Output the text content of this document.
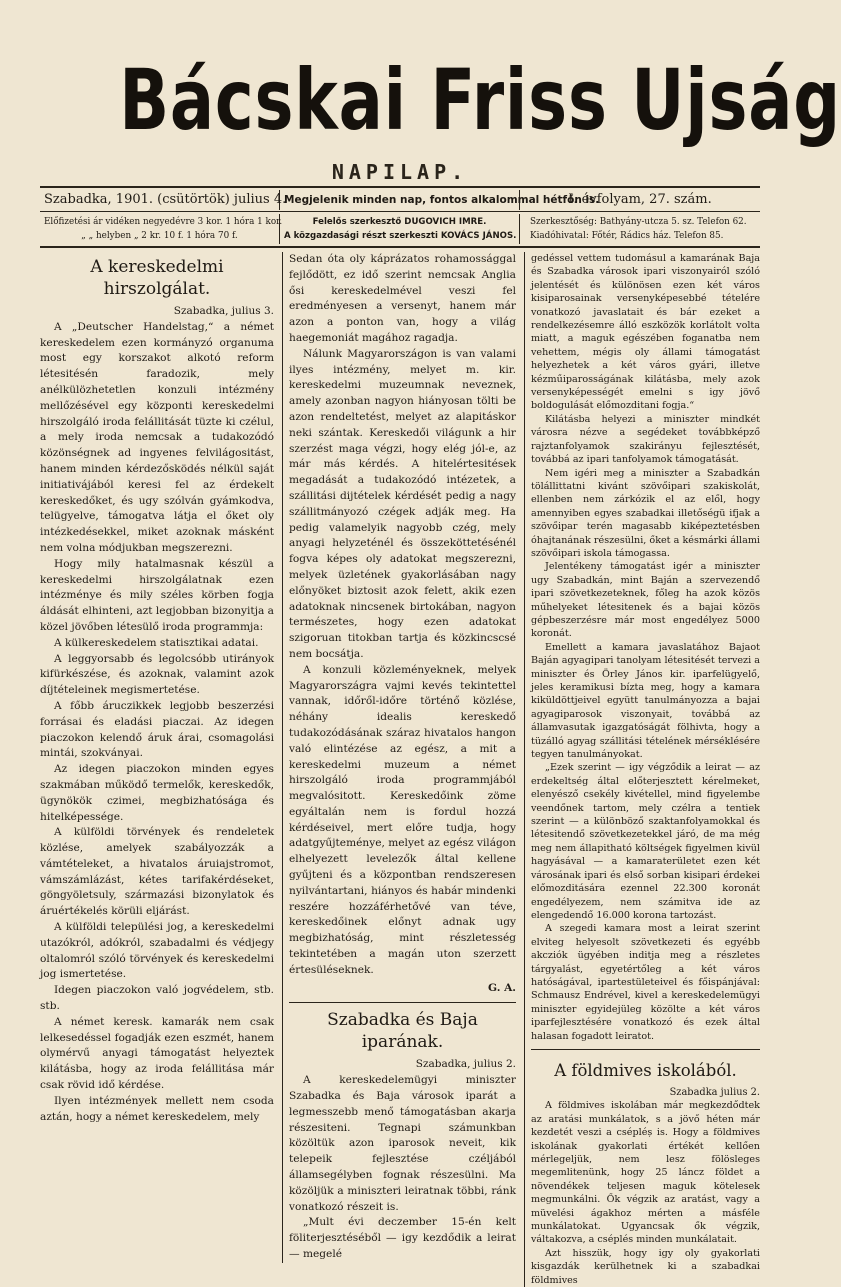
Bácskai Friss Ujság
NAPILAP.
Szabadka, 1901. (csütörtök) julius 4.
Megjelenik minden nap, fontos alkalommal hétfőn is.
I. évfolyam, 27. szám.
Előfizetési ár vidéken negyedévre 3 kor. 1 hóra 1 kor.
„ „ helyben „ 2 kr. 10 f. 1 hóra 70 f.
Felelős szerkesztő DUGOVICH IMRE.
A közgazdasági részt szerkeszti KOVÁCS JÁNOS.
Szerkesztőség: Bathyány-utcza 5. sz. Telefon 62.
Kiadóhivatal: Főtér, Rádics ház. Telefon 85.
A kereskedelmi hirszolgálat.
Szabadka, julius 3.

A „Deutscher Handelstag,“ a német kereskedelem ezen kormányzó organuma most egy korszakot alkotó reform létesitésén faradozik, mely anélkülözhetetlen konzuli intézmény mellőzésével egy központi kereskedelmi hirszolgáló iroda felállitását tüzte ki czélul, a mely iroda nemcsak a tudakozódó közönségnek ad ingyenes felvilágositást, hanem minden kérdezősködés nélkül saját initiativájából keresi fel az érdekelt kereskedőket, és ugy szólván gyámkodva, telügyelve, támogatva látja el őket oly intézkedésekkel, miket azoknak másként nem volna módjukban megszerezni.

Hogy mily hatalmasnak készül a kereskedelmi hirszolgálatnak ezen intézménye és mily széles körben fogja áldását elhinteni, azt legjobban bizonyitja a közel jövőben létesülő iroda programmja:

A külkereskedelem statisztikai adatai.

A leggyorsabb és legolcsóbb utirányok kifürkészése, és azoknak, valamint azok díjtételeinek megismertetése.

A főbb áruczikkek legjobb beszerzési forrásai és eladási piaczai. Az idegen piaczokon kelendő áruk árai, csomagolási mintái, szokványai.

Az idegen piaczokon minden egyes szakmában működő termelők, kereskedők, ügynökök czimei, megbizhatósága és hitelképessége.

A külföldi törvények és rendeletek közlése, amelyek szabályozzák a vámtételeket, a hivatalos áruiajstromot, vámszámlázást, kétes tarifakérdéseket, göngyöletsuly, származási bizonylatok és áruértékelés körüli eljárást.

A külföldi települési jog, a kereskedelmi utazókról, adókról, szabadalmi és védjegy oltalomról szóló törvények és kereskedelmi jog ismertetése.

Idegen piaczokon való jogvédelem, stb. stb.

A német keresk. kamarák nem csak lelkesedéssel fogadják ezen eszmét, hanem olymérvű anyagi támogatást helyeztek kilátásba, hogy az iroda felállitása már csak rövid idő kérdése.

Ilyen intézmények mellett nem csoda aztán, hogy a német kereskedelem, mely

Sedan óta oly káprázatos rohamossággal fejlődött, ez idő szerint nemcsak Anglia ősi kereskedelmével veszi fel eredményesen a versenyt, hanem már azon a ponton van, hogy a világ haegemoniát magához ragadja.

Nálunk Magyarországon is van valami ilyes intézmény, melyet m. kir. kereskedelmi muzeumnak neveznek, amely azonban nagyon hiányosan tölti be azon rendeltetést, melyet az alapitáskor neki szántak. Kereskedői világunk a hir szerzést maga végzi, hogy elég jól-e, az már más kérdés. A hitelértesitések megadását a tudakozódó intézetek, a szállitási dijtételek kérdését pedig a nagy szállitmányozó czégek adják meg. Ha pedig valamelyik nagyobb czég, mely anyagi helyzeténél és összeköttetésénél fogva képes oly adatokat megszerezni, melyek üzletének gyakorlásában nagy előnyöket biztosit azok felett, akik ezen adatoknak nincsenek birtokában, nagyon természetes, hogy ezen adatokat szigoruan titokban tartja és közkincscsé nem bocsátja.

A konzuli közleményeknek, melyek Magyarországra vajmi kevés tekintettel vannak, időről-időre történő közlése, néhány idealis kereskedő tudakozódásának száraz hivatalos hangon való elintézése az egész, a mit a kereskedelmi muzeum a német hirszolgáló iroda programmjából megvalósitott. Kereskedőink zöme egyáltalán nem is fordul hozzá kérdéseivel, mert előre tudja, hogy adatgyűjteménye, melyet az egész világon elhelyezett levelezők által kellene gyűjteni és a központban rendszeresen nyilvántartani, hiányos és habár mindenki reszére hozzáférhetővé van téve, kereskedőinek előnyt adnak ugy megbizhatóság, mint részletesség tekintetében a magán uton szerzett értesüléseknek.

G. A.
Szabadka és Baja iparának.
Szabadka, julius 2.

A kereskedelemügyi miniszter Szabadka és Baja városok iparát a legmesszebb menő támogatásban akarja részesiteni. Tegnapi számunkban közöltük azon iparosok neveit, kik telepeik fejlesztése czéljából államsegélyben fognak részesülni. Ma közöljük a miniszteri leiratnak többi, ránk vonatkozó részeit is.

„Mult évi deczember 15-én kelt föliterjesztéséből — igy kezdődik a leirat — megelé

gedéssel vettem tudomásul a kamarának Baja és Szabadka városok ipari viszonyairól szóló jelentését és különösen ezen két város kisiparosainak versenyképesebbé tételére vonatkozó javaslatait és bár ezeket a rendelkezésemre álló eszközök korlátolt volta miatt, a maguk egészében foganatba nem vehettem, mégis oly állami támogatást helyezhetek a két város gyári, illetve kézműiparosságának kilátásba, mely azok versenyképességét emelni s igy jövő boldogulását előmozditani fogja.“

Kilátásba helyezi a miniszter mindkét városra nézve a segédeket továbbképző rajztanfolyamok szakirányu fejlesztését, továbbá az ipari tanfolyamok támogatását.

Nem igéri meg a miniszter a Szabadkán tölállittatni kivánt szövőipari szakiskolát, ellenben nem zárkózik el az elől, hogy amennyiben egyes szabadkai illetőségü ifjak a szövőipar terén magasabb kiképeztetésben óhajtanának részesülni, őket a késmárki állami szövőipari iskola támogassa.

Jelentékeny támogatást igér a miniszter ugy Szabadkán, mint Baján a szervezendő ipari szövetkezeteknek, főleg ha azok közös műhelyeket létesitenek és a bajai közös gépbeszerzésre már most engedélyez 5000 koronát.

Emellett a kamara javaslatához Bajaot Baján agyagipari tanolyam létesitését tervezi a miniszter és Örley János kir. iparfelügyelő, jeles keramikusi bízta meg, hogy a kamara kiküldöttjeivel együtt tanulmányozza a bajai agyagiparosok viszonyait, továbbá az államvasutak igazgatóságát fölhivta, hogy a tüzálló agyag szállitási tételének mérséklésére tegyen tanulmányokat.

„Ezek szerint — igy végződik a leirat — az erdekeltség által előterjesztett kérelmeket, elenyésző csekély kivétellel, mind figyelembe veendőnek tartom, mely czélra a tentiek szerint — a különböző szaktanfolyamokkal és létesitendő szövetkezetekkel járó, de ma még meg nem állapitható költségek figyelmen kivül hagyásával — a kamaraterületet ezen két városának ipari és első sorban kisipari érdekei előmozditására ezennel 22.300 koronát engedélyezem, nem számitva ide az elengedendő 16.000 korona tartozást.

A szegedi kamara most a leirat szerint elviteg helyesolt szövetkezeti és egyébb akcziók ügyében inditja meg a részletes tárgyalást, egyetértőleg a két város hatóságával, ipartestületeivel és főispánjával: Schmausz Endrével, kivel a kereskedelemügyi miniszter egyidejüleg közölte a két város iparfejlesztésére vonatkozó és ezek által halasan fogadott leiratot.

A földmives iskolából.
Szabadka julius 2.

A földmives iskolában már megkezdődtek az aratási munkálatok, s a jövő héten már kezdetét veszi a csépléș is. Hogy a földmives iskolának gyakorlati értékét kellően mérlegeljük, nem lesz fölösleges megemlitenünk, hogy 25 láncz földet a növendékek teljesen maguk kötelesek megmunkálni. Ők végzik az aratást, vagy a müvelési ágakhoz mérten a másféle munkálatokat. Ugyancsak ők végzik, váltakozva, a cséplés minden munkálatait.

Azt hisszük, hogy igy oly gyakorlati kisgazdák kerülhetnek ki a szabadkai földmives
